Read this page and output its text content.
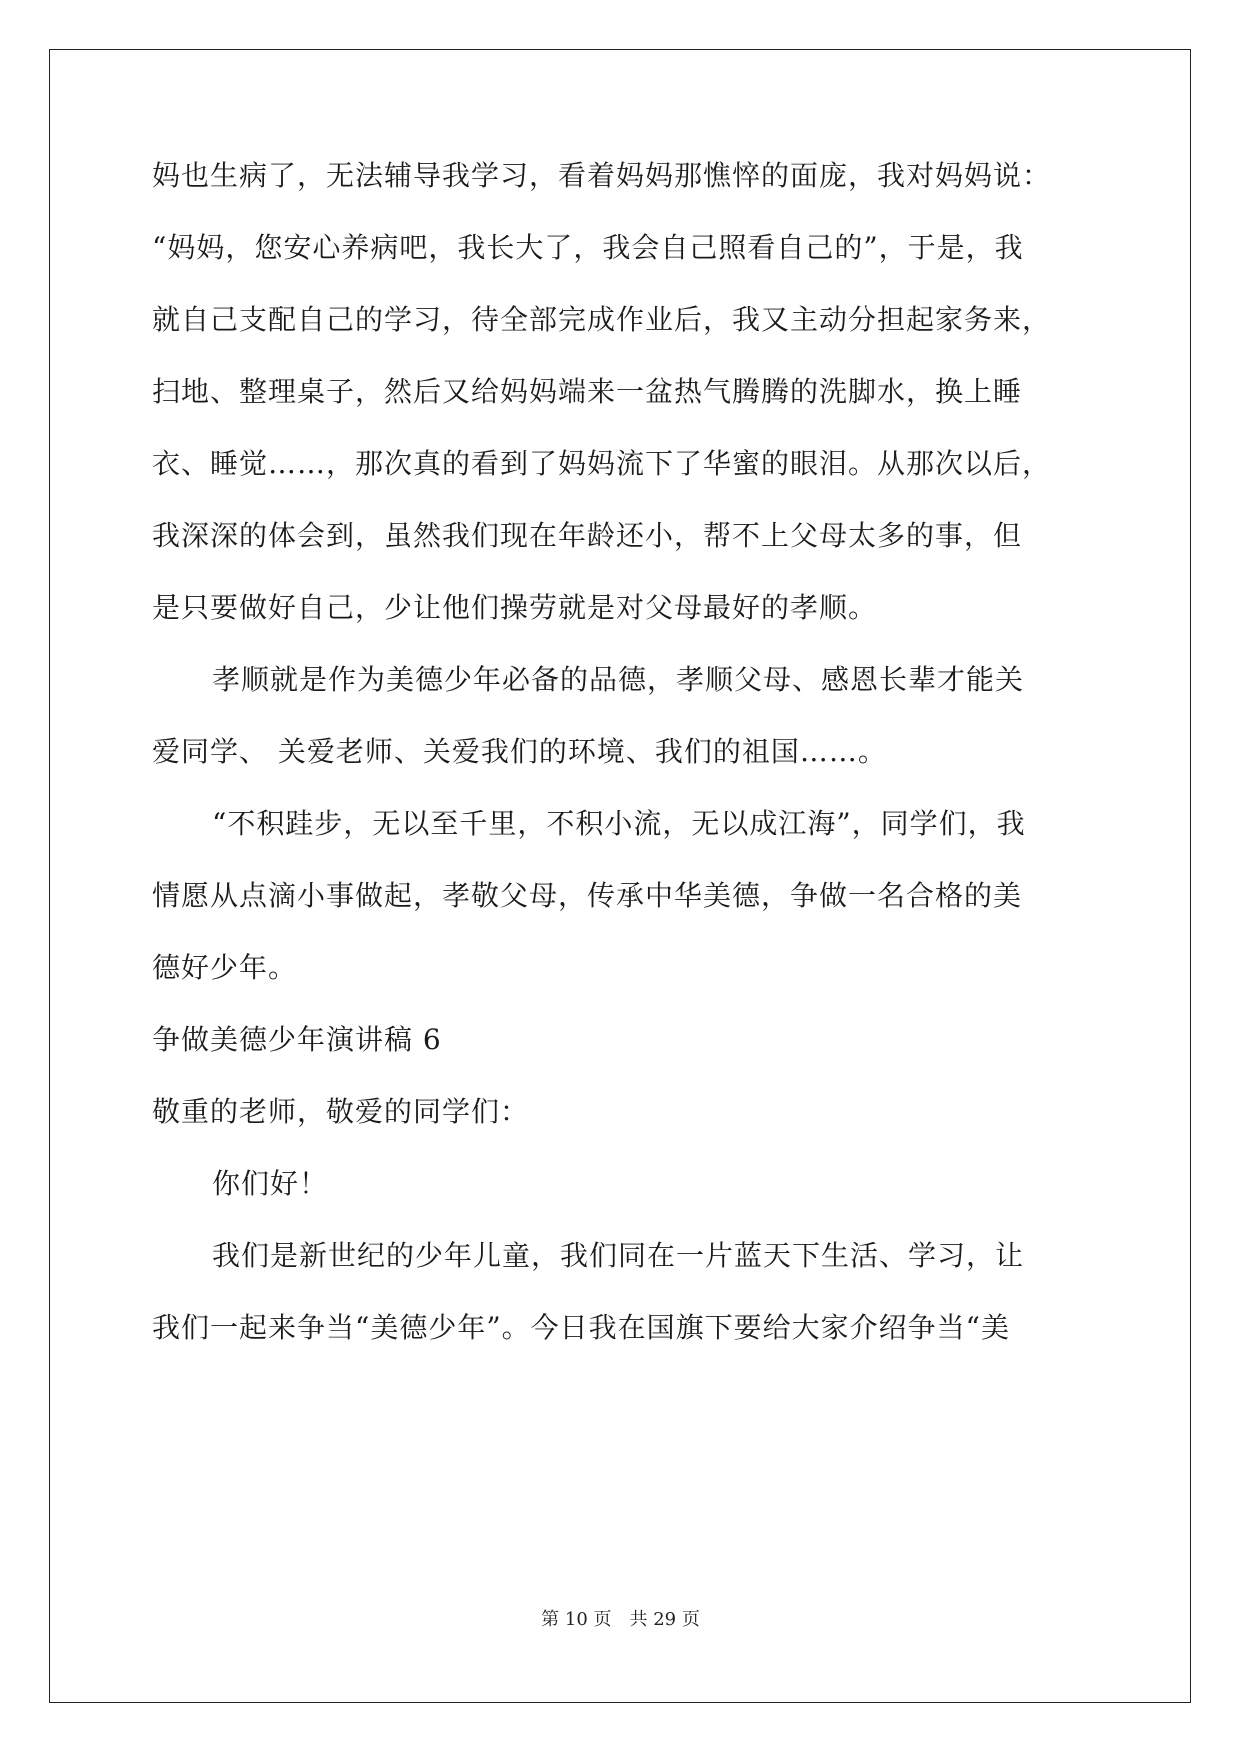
妈也生病了，无法辅导我学习，看着妈妈那憔悴的面庞，我对妈妈说：
“妈妈，您安心养病吧，我长大了，我会自己照看自己的”，于是，我
就自己支配自己的学习，待全部完成作业后，我又主动分担起家务来，
扫地、整理桌子，然后又给妈妈端来一盆热气腾腾的洗脚水，换上睡
衣、睡觉……，那次真的看到了妈妈流下了华蜜的眼泪。从那次以后，
我深深的体会到，虽然我们现在年龄还小，帮不上父母太多的事，但
是只要做好自己，少让他们操劳就是对父母最好的孝顺。
孝顺就是作为美德少年必备的品德，孝顺父母、感恩长辈才能关
爱同学、 关爱老师、关爱我们的环境、我们的祖国……。
“不积跬步，无以至千里，不积小流，无以成江海”，同学们，我
情愿从点滴小事做起，孝敬父母，传承中华美德，争做一名合格的美
德好少年。
争做美德少年演讲稿 6
敬重的老师，敬爱的同学们：
你们好！
我们是新世纪的少年儿童，我们同在一片蓝天下生活、学习，让
我们一起来争当“美德少年”。今日我在国旗下要给大家介绍争当“美
第 10 页　共 29 页
